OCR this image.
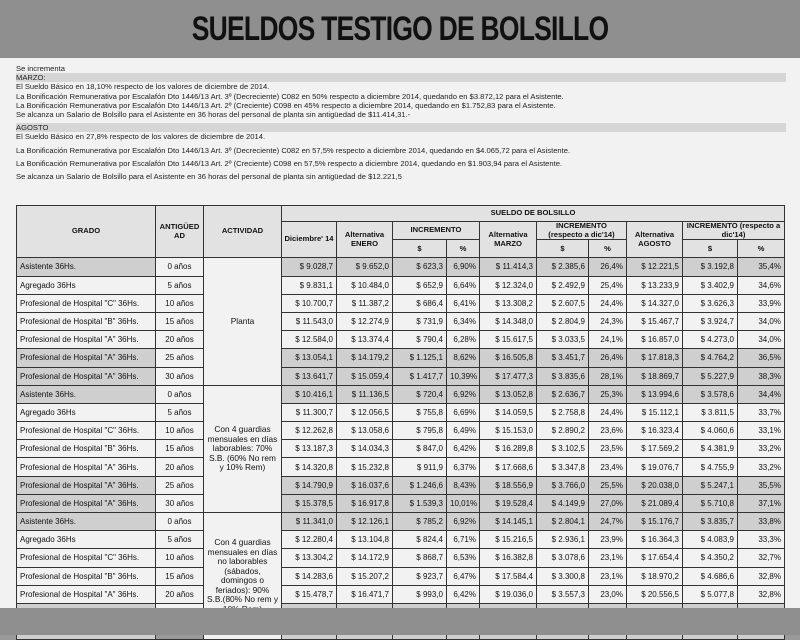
SUELDOS TESTIGO DE BOLSILLO
Se incrementa
MARZO:
El Sueldo Básico en 18,10% respecto de los valores de diciembre de 2014.
La Bonificación Remunerativa por Escalafón Dto 1446/13 Art. 3º (Decreciente) C082 en 50% respecto a diciembre 2014, quedando en $3.872,12 para el Asistente.
La Bonificación Remunerativa por Escalafón Dto 1446/13 Art. 2º (Creciente) C098 en 45% respecto a diciembre 2014, quedando en $1.752,83 para el Asistente.
Se alcanza un Salario de Bolsillo para el Asistente en 36 horas del personal de planta sin antigüedad de $11.414,31.-
AGOSTO
El Sueldo Básico en 27,8% respecto de los valores de diciembre de 2014.
La Bonificación Remunerativa por Escalafón Dto 1446/13 Art. 3º (Decreciente) C082 en 57,5% respecto a diciembre 2014, quedando en $4.065,72 para el Asistente.
La Bonificación Remunerativa por Escalafón Dto 1446/13 Art. 2º (Creciente) C098 en 57,5% respecto a diciembre 2014, quedando en $1.903,94 para el Asistente.
Se alcanza un Salario de Bolsillo para el Asistente en 36 horas del personal de planta sin antigüedad de $12.221,5
GRADO	ANTIGÜED AD	ACTIVIDAD	SUELDO DE BOLSILLO									
			Diciembre' 14	Alternativa ENERO	INCREMENTO		Alternativa MARZO	INCREMENTO (respecto a dic'14)		Alternativa AGOSTO	INCREMENTO (respecto a dic'14)	
					$	%		$	%		$	%
Asistente 36Hs.	0 años	Planta	$ 9.028,7	$ 9.652,0	$ 623,3	6,90%	$ 11.414,3	$ 2.385,6	26,4%	$ 12.221,5	$ 3.192,8	35,4%
Agregado 36Hs	5 años		$ 9.831,1	$ 10.484,0	$ 652,9	6,64%	$ 12.324,0	$ 2.492,9	25,4%	$ 13.233,9	$ 3.402,9	34,6%
Profesional de Hospital "C" 36Hs.	10 años		$ 10.700,7	$ 11.387,2	$ 686,4	6,41%	$ 13.308,2	$ 2.607,5	24,4%	$ 14.327,0	$ 3.626,3	33,9%
Profesional de Hospital "B" 36Hs.	15 años		$ 11.543,0	$ 12.274,9	$ 731,9	6,34%	$ 14.348,0	$ 2.804,9	24,3%	$ 15.467,7	$ 3.924,7	34,0%
Profesional de Hospital "A" 36Hs.	20 años		$ 12.584,0	$ 13.374,4	$ 790,4	6,28%	$ 15.617,5	$ 3.033,5	24,1%	$ 16.857,0	$ 4.273,0	34,0%
Profesional de Hospital "A" 36Hs.	25 años		$ 13.054,1	$ 14.179,2	$ 1.125,1	8,62%	$ 16.505,8	$ 3.451,7	26,4%	$ 17.818,3	$ 4.764,2	36,5%
Profesional de Hospital "A" 36Hs.	30 años		$ 13.641,7	$ 15.059,4	$ 1.417,7	10,39%	$ 17.477,3	$ 3.835,6	28,1%	$ 18.869,7	$ 5.227,9	38,3%
Asistente 36Hs.	0 años	Con 4 guardias mensuales en días laborables: 70% S.B. (60% No rem y 10% Rem)	$ 10.416,1	$ 11.136,5	$ 720,4	6,92%	$ 13.052,8	$ 2.636,7	25,3%	$ 13.994,6	$ 3.578,6	34,4%
Agregado 36Hs	5 años		$ 11.300,7	$ 12.056,5	$ 755,8	6,69%	$ 14.059,5	$ 2.758,8	24,4%	$ 15.112,1	$ 3.811,5	33,7%
Profesional de Hospital "C" 36Hs.	10 años		$ 12.262,8	$ 13.058,6	$ 795,8	6,49%	$ 15.153,0	$ 2.890,2	23,6%	$ 16.323,4	$ 4.060,6	33,1%
Profesional de Hospital "B" 36Hs.	15 años		$ 13.187,3	$ 14.034,3	$ 847,0	6,42%	$ 16.289,8	$ 3.102,5	23,5%	$ 17.569,2	$ 4.381,9	33,2%
Profesional de Hospital "A" 36Hs.	20 años		$ 14.320,8	$ 15.232,8	$ 911,9	6,37%	$ 17.668,6	$ 3.347,8	23,4%	$ 19.076,7	$ 4.755,9	33,2%
Profesional de Hospital "A" 36Hs.	25 años		$ 14.790,9	$ 16.037,6	$ 1.246,6	8,43%	$ 18.556,9	$ 3.766,0	25,5%	$ 20.038,0	$ 5.247,1	35,5%
Profesional de Hospital "A" 36Hs.	30 años		$ 15.378,5	$ 16.917,8	$ 1.539,3	10,01%	$ 19.528,4	$ 4.149,9	27,0%	$ 21.089,4	$ 5.710,8	37,1%
Asistente 36Hs.	0 años	Con 4 guardias mensuales en días no laborables (sábados, domingos o feriados): 90% S.B.(80% No rem y	$ 11.341,0	$ 12.126,1	$ 785,2	6,92%	$ 14.145,1	$ 2.804,1	24,7%	$ 15.176,7	$ 3.835,7	33,8%
Agregado 36Hs	5 años		$ 12.280,4	$ 13.104,8	$ 824,4	6,71%	$ 15.216,5	$ 2.936,1	23,9%	$ 16.364,3	$ 4.083,9	33,3%
Profesional de Hospital "C" 36Hs.	10 años		$ 13.304,2	$ 14.172,9	$ 868,7	6,53%	$ 16.382,8	$ 3.078,6	23,1%	$ 17.654,4	$ 4.350,2	32,7%
Profesional de Hospital "B" 36Hs.	15 años		$ 14.283,6	$ 15.207,2	$ 923,7	6,47%	$ 17.584,4	$ 3.300,8	23,1%	$ 18.970,2	$ 4.686,6	32,8%
Profesional de Hospital "A" 36Hs.	20 años		$ 15.478,7	$ 16.471,7	$ 993,0	6,42%	$ 19.036,0	$ 3.557,3	23,0%	$ 20.556,5	$ 5.077,8	32,8%
